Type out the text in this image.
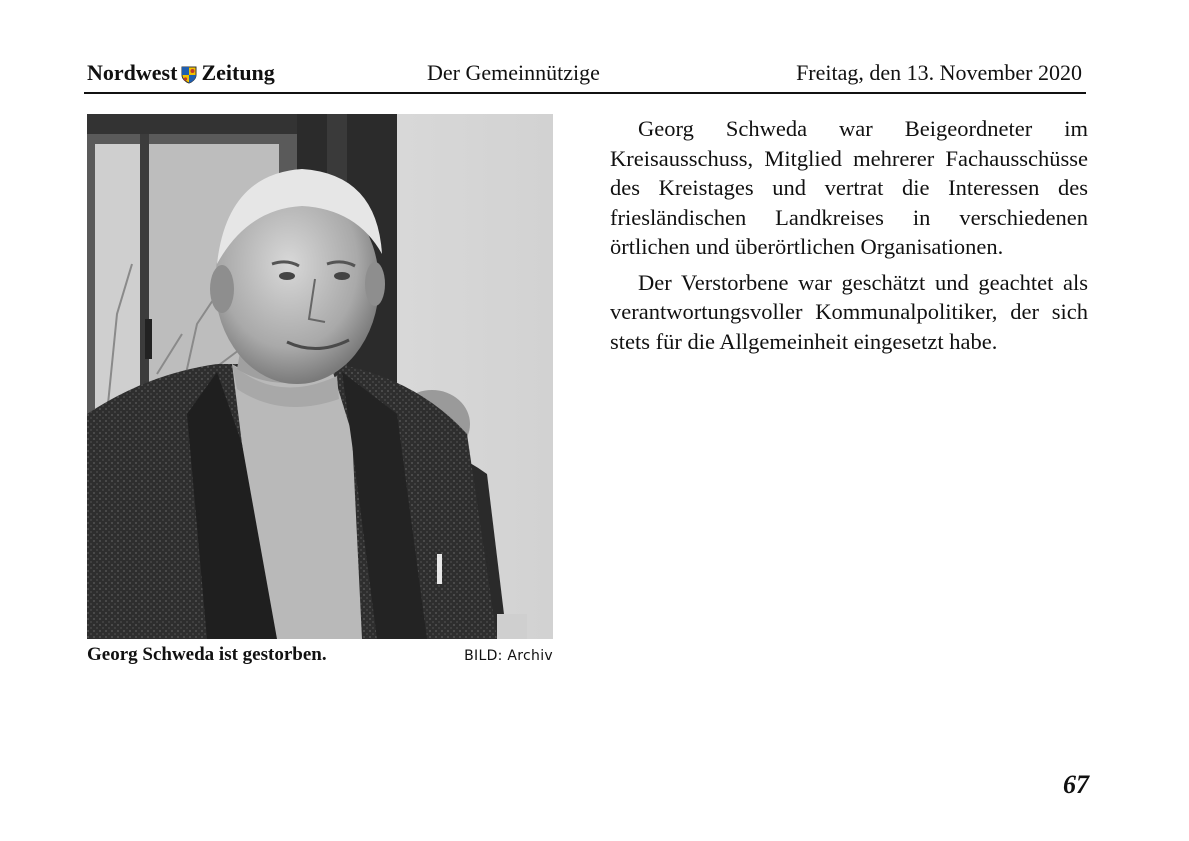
Nordwest Zeitung	Der Gemeinnützige	Freitag, den 13. November 2020
Georg Schweda ist gestorben.	BILD: Archiv

Georg Schweda war Beigeordneter im Kreisausschuss, Mitglied mehrerer Fachausschüsse des Kreistages und vertrat die Interessen des friesländischen Landkreises in verschiedenen örtlichen und überörtlichen Organisationen.

Der Verstorbene war geschätzt und geachtet als verantwortungsvoller Kommunalpolitiker, der sich stets für die Allgemeinheit eingesetzt habe.

67
